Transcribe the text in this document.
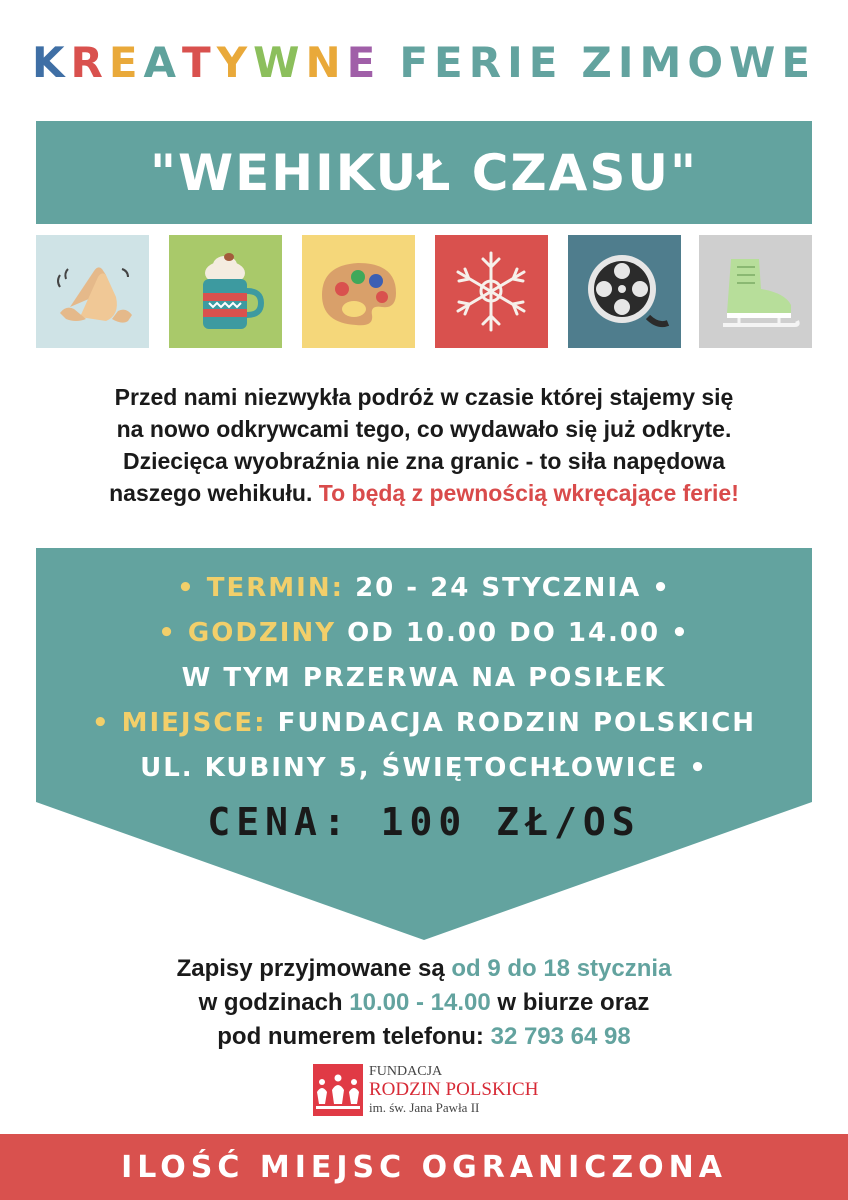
KREATYWNE FERIE ZIMOWE
"WEHIKUŁ CZASU"
Przed nami niezwykła podróż w czasie której stajemy się
na nowo odkrywcami tego, co wydawało się już odkryte.
Dziecięca wyobraźnia nie zna granic - to siła napędowa
naszego wehikułu. To będą z pewnością wkręcające ferie!
• TERMIN: 20 - 24 STYCZNIA •
• GODZINY OD 10.00 DO 14.00 •
W TYM PRZERWA NA POSIŁEK
• MIEJSCE: FUNDACJA RODZIN POLSKICH
UL. KUBINY 5, ŚWIĘTOCHŁOWICE •
CENA: 100 ZŁ/OS
Zapisy przyjmowane są od 9 do 18 stycznia
w godzinach 10.00 - 14.00 w biurze oraz
pod numerem telefonu: 32 793 64 98
FUNDACJA
RODZIN POLSKICH
im. św. Jana Pawła II
ILOŚĆ MIEJSC OGRANICZONA
